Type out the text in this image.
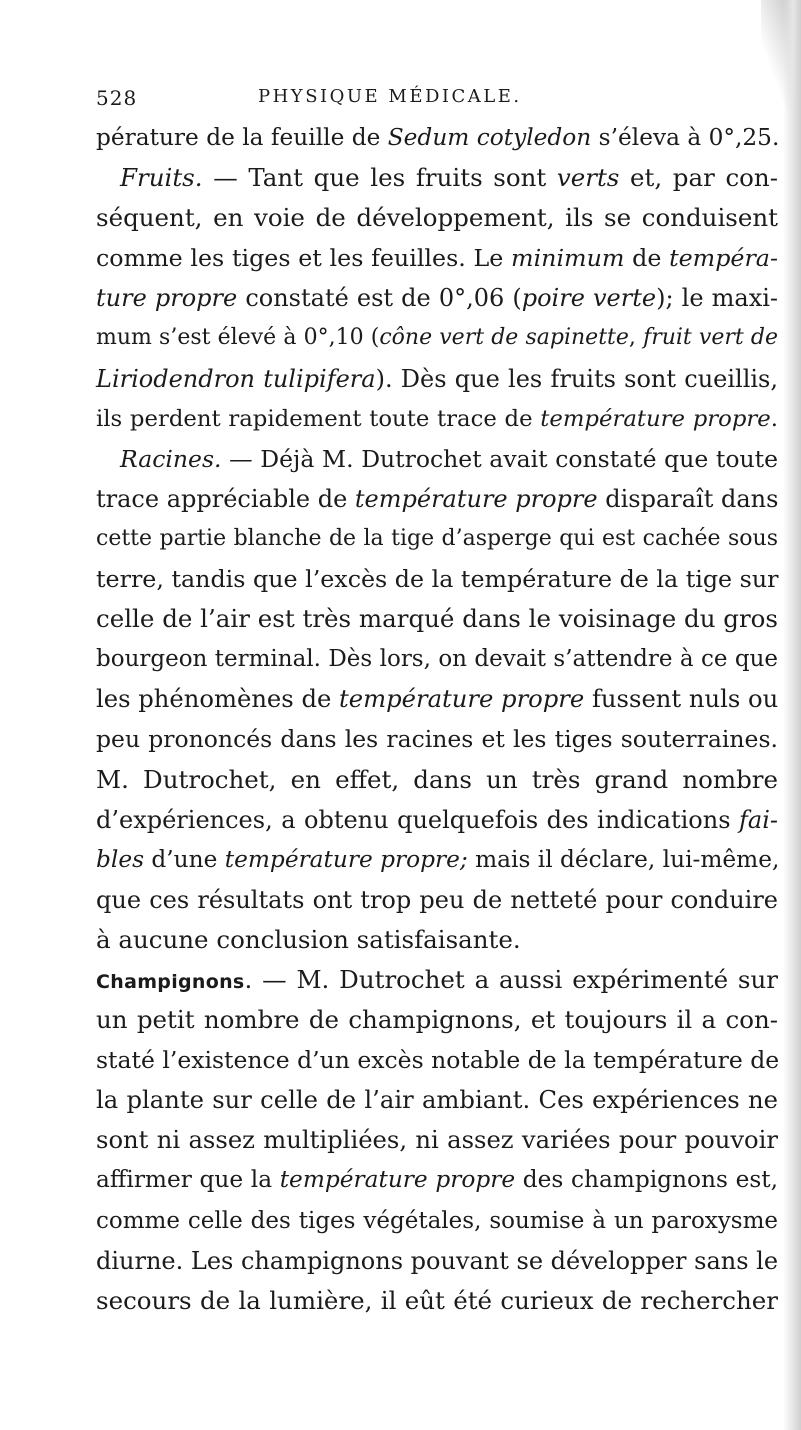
528	PHYSIQUE MÉDICALE.
pérature de la feuille de Sedum cotyledon s’éleva à 0°,25.
Fruits. — Tant que les fruits sont verts et, par con-
séquent, en voie de développement, ils se conduisent
comme les tiges et les feuilles. Le minimum de tempéra-
ture propre constaté est de 0°,06 (poire verte); le maxi-
mum s’est élevé à 0°,10 (cône vert de sapinette, fruit vert de
Liriodendron tulipifera). Dès que les fruits sont cueillis,
ils perdent rapidement toute trace de température propre.
Racines. — Déjà M. Dutrochet avait constaté que toute
trace appréciable de température propre disparaît dans
cette partie blanche de la tige d’asperge qui est cachée sous
terre, tandis que l’excès de la température de la tige sur
celle de l’air est très marqué dans le voisinage du gros
bourgeon terminal. Dès lors, on devait s’attendre à ce que
les phénomènes de température propre fussent nuls ou
peu prononcés dans les racines et les tiges souterraines.
M. Dutrochet, en effet, dans un très grand nombre
d’expériences, a obtenu quelquefois des indications fai-
bles d’une température propre; mais il déclare, lui-même,
que ces résultats ont trop peu de netteté pour conduire
à aucune conclusion satisfaisante.
Champignons. — M. Dutrochet a aussi expérimenté sur
un petit nombre de champignons, et toujours il a con-
staté l’existence d’un excès notable de la température de
la plante sur celle de l’air ambiant. Ces expériences ne
sont ni assez multipliées, ni assez variées pour pouvoir
affirmer que la température propre des champignons est,
comme celle des tiges végétales, soumise à un paroxysme
diurne. Les champignons pouvant se développer sans le
secours de la lumière, il eût été curieux de rechercher
